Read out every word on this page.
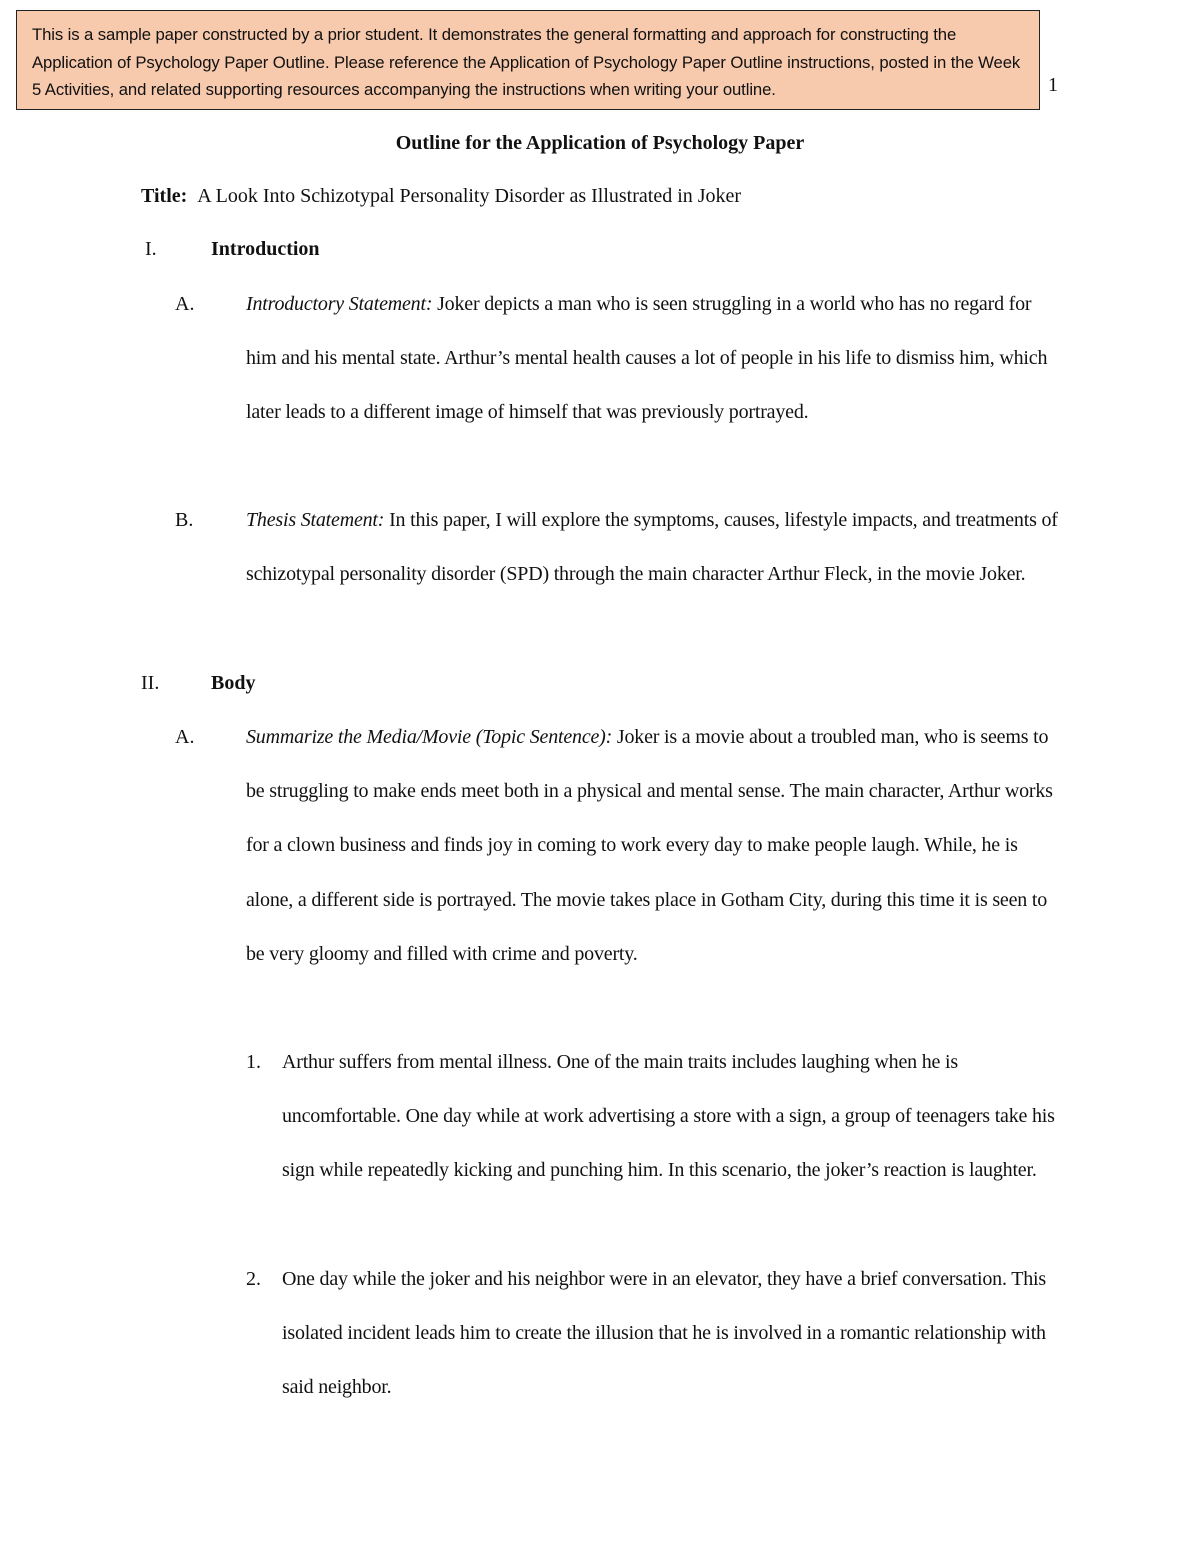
This is a sample paper constructed by a prior student. It demonstrates the general formatting and approach for constructing the Application of Psychology Paper Outline. Please reference the Application of Psychology Paper Outline instructions, posted in the Week 5 Activities, and related supporting resources accompanying the instructions when writing your outline.	1
Outline for the Application of Psychology Paper
Title: A Look Into Schizotypal Personality Disorder as Illustrated in Joker
I.	Introduction
A.	Introductory Statement: Joker depicts a man who is seen struggling in a world who has no regard for him and his mental state. Arthur’s mental health causes a lot of people in his life to dismiss him, which later leads to a different image of himself that was previously portrayed.
B.	Thesis Statement: In this paper, I will explore the symptoms, causes, lifestyle impacts, and treatments of schizotypal personality disorder (SPD) through the main character Arthur Fleck, in the movie Joker.
II.	Body
A.	Summarize the Media/Movie (Topic Sentence): Joker is a movie about a troubled man, who is seems to be struggling to make ends meet both in a physical and mental sense. The main character, Arthur works for a clown business and finds joy in coming to work every day to make people laugh. While, he is alone, a different side is portrayed. The movie takes place in Gotham City, during this time it is seen to be very gloomy and filled with crime and poverty.
1. Arthur suffers from mental illness. One of the main traits includes laughing when he is uncomfortable. One day while at work advertising a store with a sign, a group of teenagers take his sign while repeatedly kicking and punching him. In this scenario, the joker’s reaction is laughter.
2. One day while the joker and his neighbor were in an elevator, they have a brief conversation. This isolated incident leads him to create the illusion that he is involved in a romantic relationship with said neighbor.
